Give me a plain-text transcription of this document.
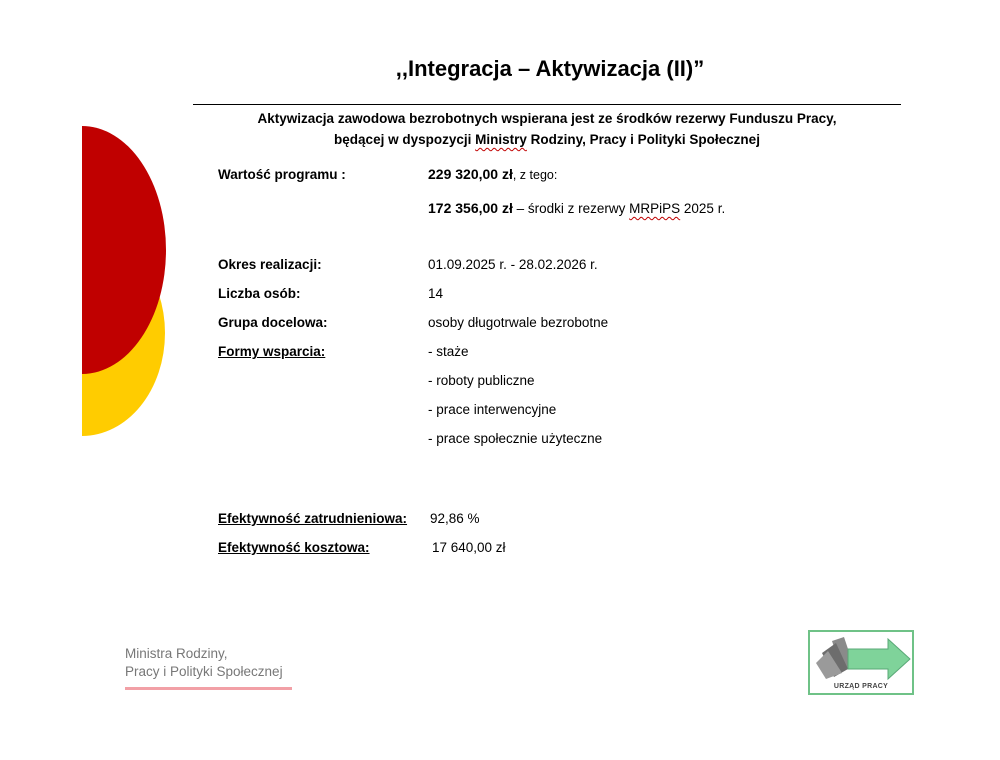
,,Integracja – Aktywizacja (II)”
Aktywizacja zawodowa bezrobotnych wspierana jest ze środków rezerwy Funduszu Pracy,
będącej w dyspozycji Ministry Rodziny, Pracy i Polityki Społecznej
Wartość programu :	229 320,00 zł, z tego:
172 356,00 zł – środki z rezerwy MRPiPS 2025 r.
Okres realizacji:	01.09.2025 r. - 28.02.2026 r.
Liczba osób:	14
Grupa docelowa:	osoby długotrwale bezrobotne
Formy wsparcia:	- staże
- roboty publiczne
- prace interwencyjne
- prace społecznie użyteczne
Efektywność zatrudnieniowa: 92,86 %
Efektywność kosztowa:	17 640,00 zł
Ministra Rodziny,
Pracy i Polityki Społecznej
URZĄD PRACY
